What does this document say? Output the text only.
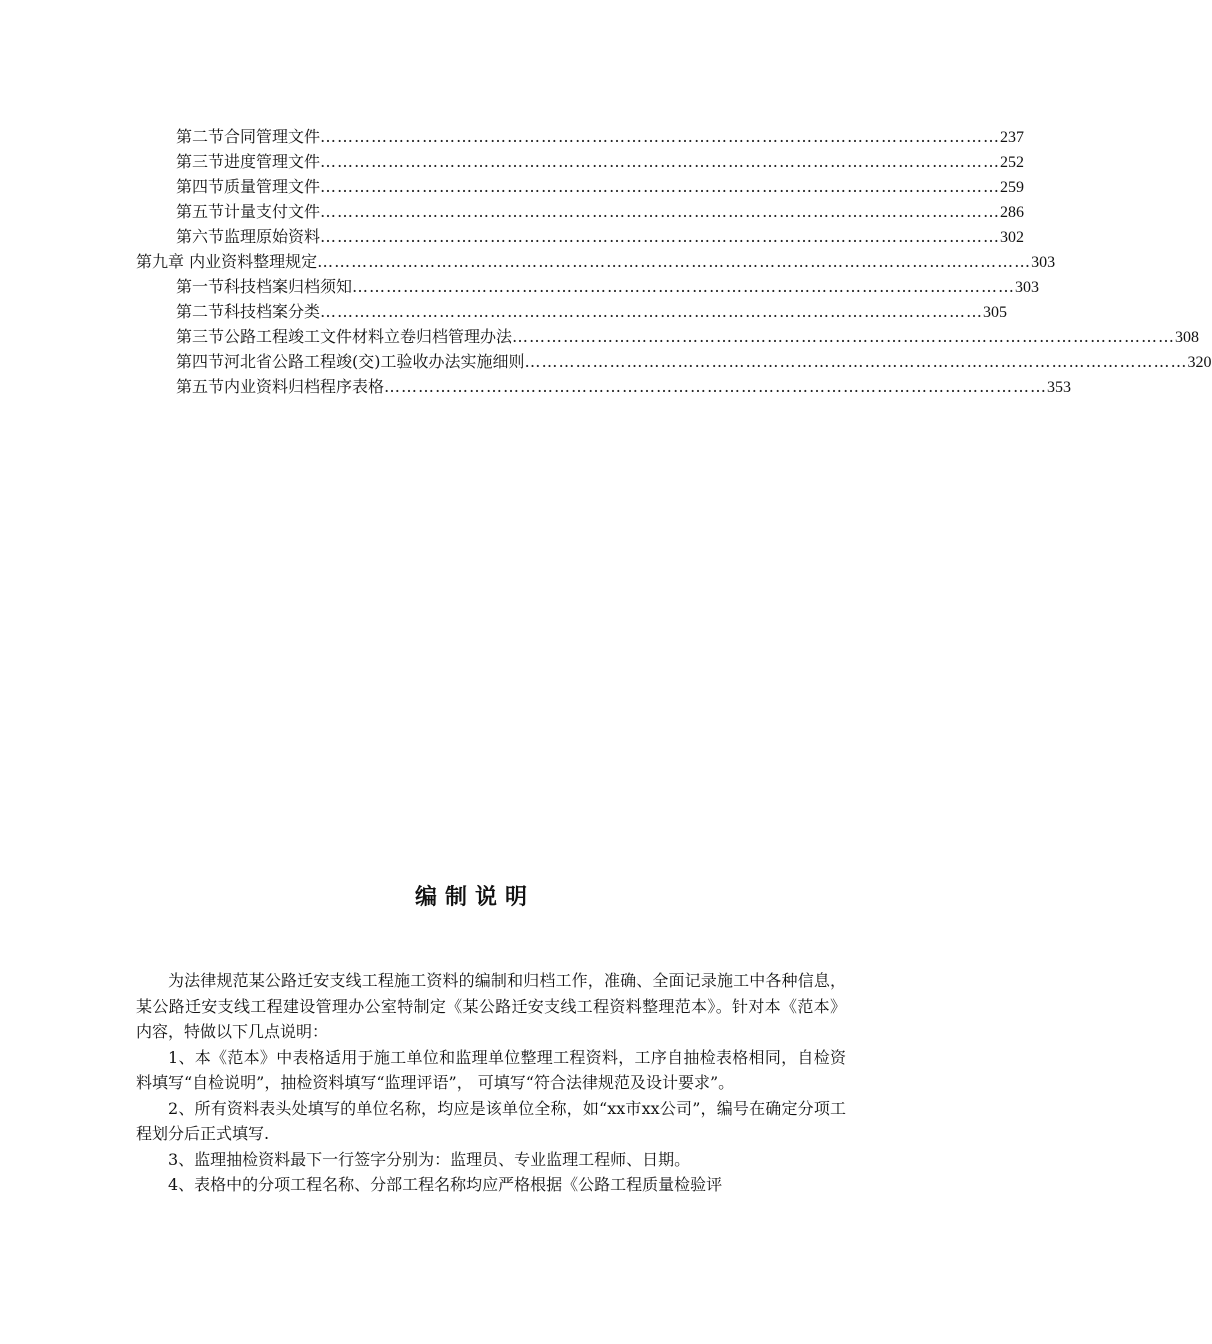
第二节合同管理文件 ………………………………………………………………………………………………………… 237
第三节进度管理文件 ………………………………………………………………………………………………………… 252
第四节质量管理文件 ………………………………………………………………………………………………………… 259
第五节计量支付文件 ………………………………………………………………………………………………………… 286
第六节监理原始资料 ………………………………………………………………………………………………………… 302
第九章 内业资料整理规定 ……………………………………………………………………………………………………………… 303
第一节科技档案归档须知 ……………………………………………………………………………………………………… 303
第二节科技档案分类 ……………………………………………………………………………………………………… 305
第三节公路工程竣工文件材料立卷归档管理办法 ……………………………………………………………………………………………………… 308
第四节河北省公路工程竣(交)工验收办法实施细则 ……………………………………………………………………………………………………… 320
第五节内业资料归档程序表格 ……………………………………………………………………………………………………… 353
编制说明

为法律规范某公路迁安支线工程施工资料的编制和归档工作，准确、全面记录施工中各种信息，某公路迁安支线工程建设管理办公室特制定《某公路迁安支线工程资料整理范本》。针对本《范本》内容，特做以下几点说明：

1、本《范本》中表格适用于施工单位和监理单位整理工程资料，工序自抽检表格相同，自检资料填写“自检说明”，抽检资料填写“监理评语”， 可填写“符合法律规范及设计要求”。

2、所有资料表头处填写的单位名称，均应是该单位全称，如“xx市xx公司”，编号在确定分项工程划分后正式填写.

3、监理抽检资料最下一行签字分别为：监理员、专业监理工程师、日期。

4、表格中的分项工程名称、分部工程名称均应严格根据《公路工程质量检验评
